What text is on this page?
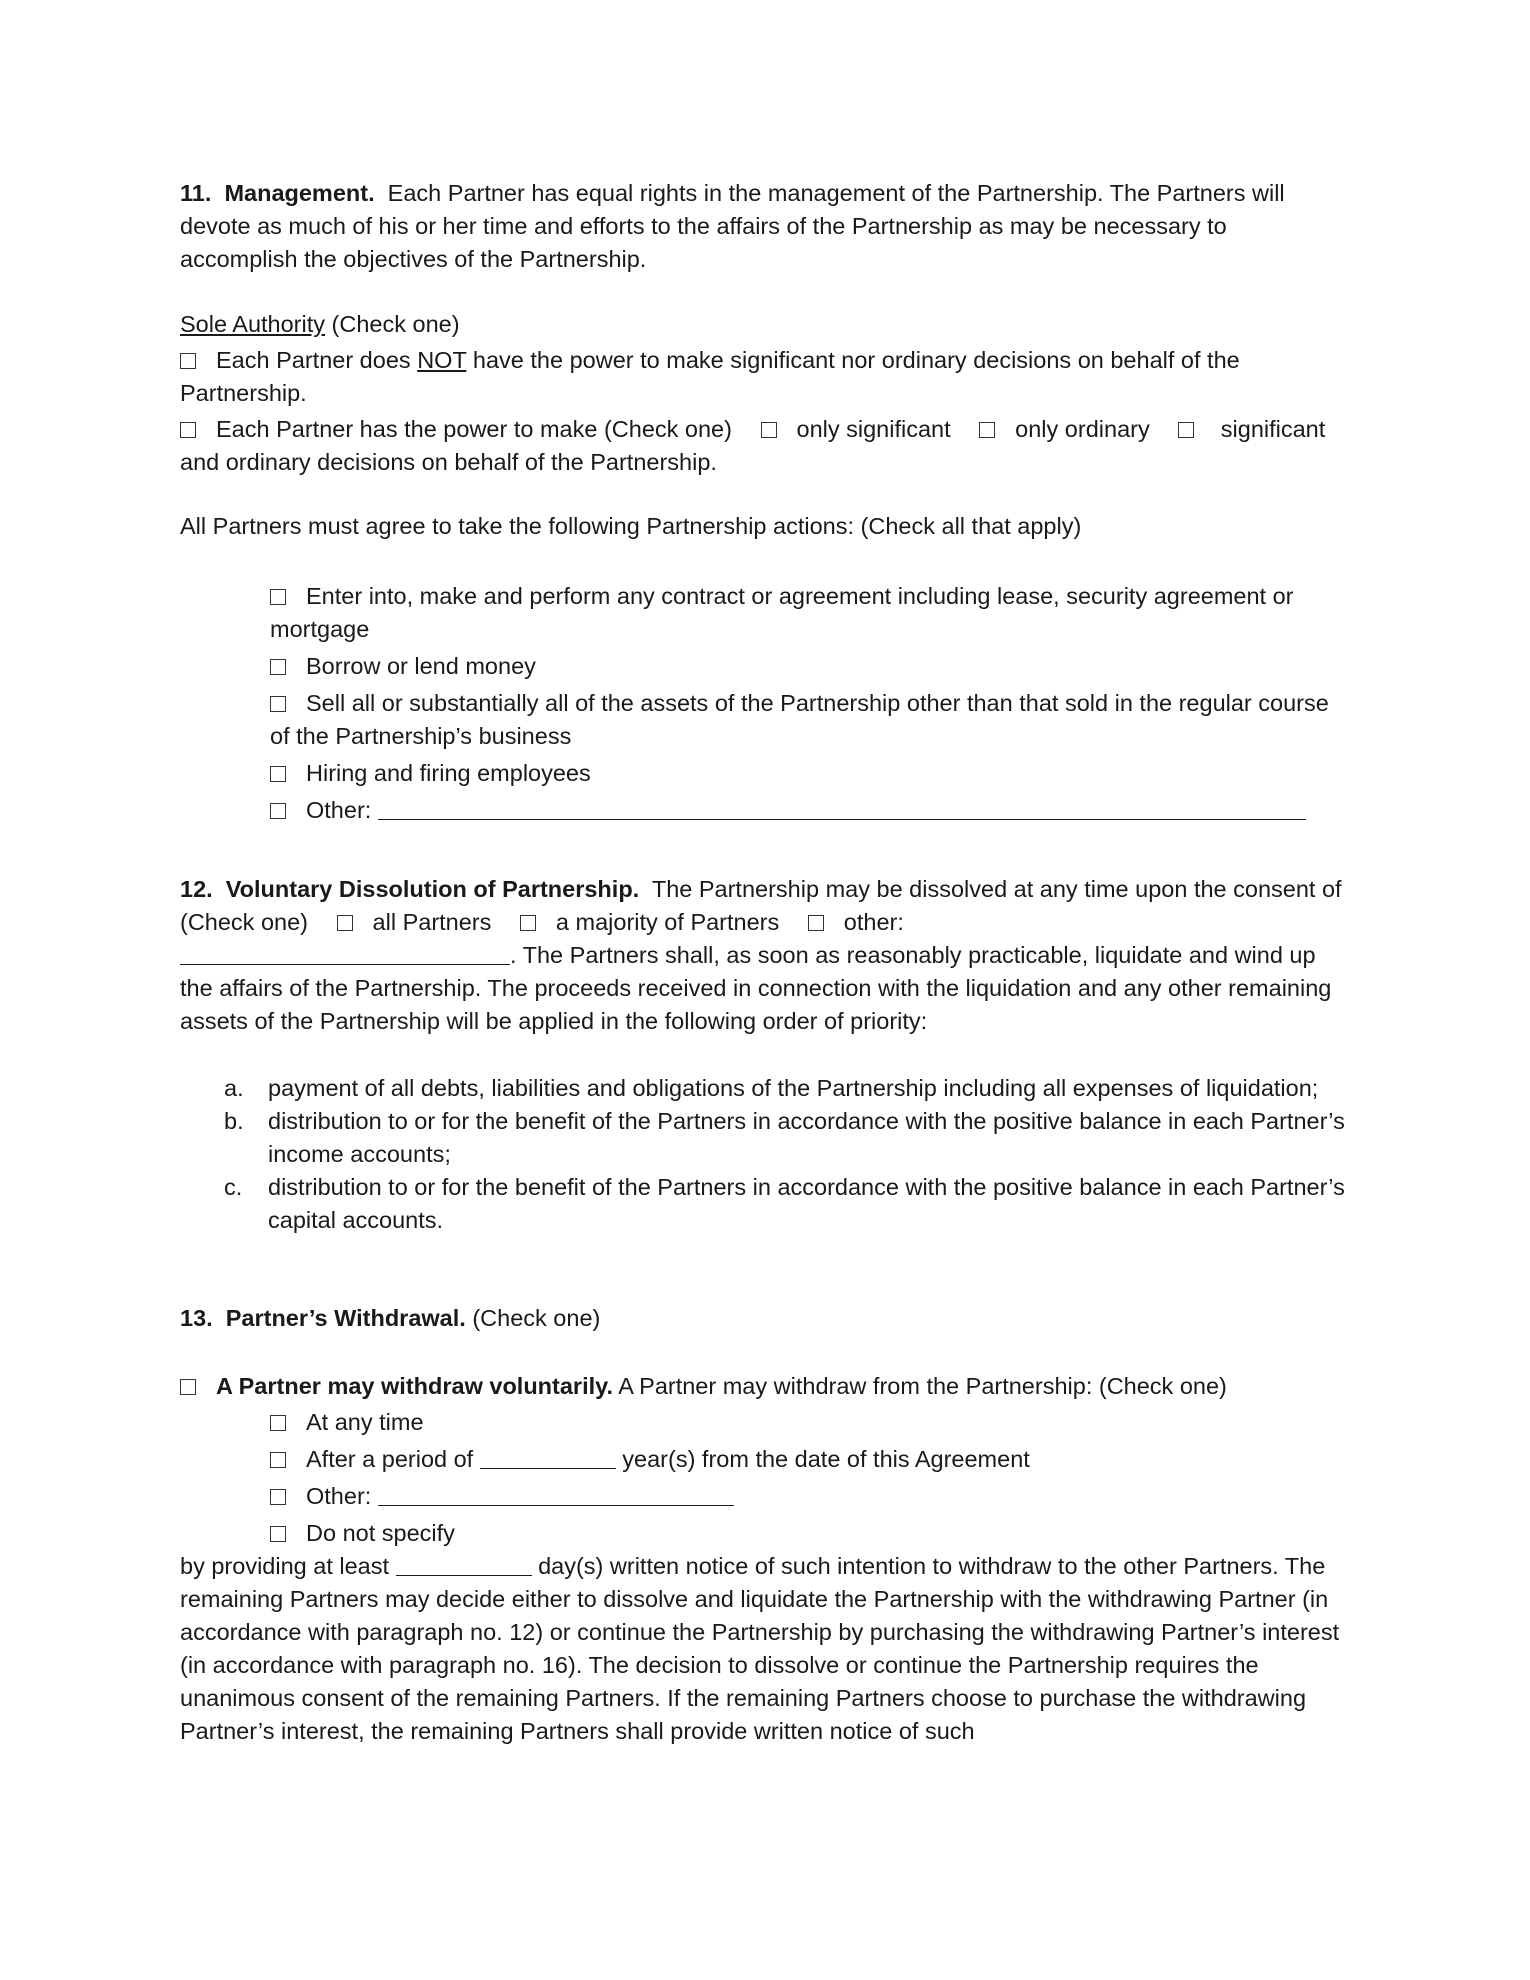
11. Management. Each Partner has equal rights in the management of the Partnership. The Partners will devote as much of his or her time and efforts to the affairs of the Partnership as may be necessary to accomplish the objectives of the Partnership.

Sole Authority (Check one)

Each Partner does NOT have the power to make significant nor ordinary decisions on behalf of the Partnership.

Each Partner has the power to make (Check one)	only significant	only ordinary	significant and ordinary decisions on behalf of the Partnership.

All Partners must agree to take the following Partnership actions: (Check all that apply)

Enter into, make and perform any contract or agreement including lease, security agreement or mortgage

Borrow or lend money

Sell all or substantially all of the assets of the Partnership other than that sold in the regular course of the Partnership’s business

Hiring and firing employees

Other:

12. Voluntary Dissolution of Partnership. The Partnership may be dissolved at any time upon the consent of (Check one)	all Partners	a majority of Partners	other:
. The Partners shall, as soon as reasonably practicable, liquidate and wind up the affairs of the Partnership. The proceeds received in connection with the liquidation and any other remaining assets of the Partnership will be applied in the following order of priority:

a. payment of all debts, liabilities and obligations of the Partnership including all expenses of liquidation;
b. distribution to or for the benefit of the Partners in accordance with the positive balance in each Partner’s income accounts;
c. distribution to or for the benefit of the Partners in accordance with the positive balance in each Partner’s capital accounts.

13. Partner’s Withdrawal. (Check one)

A Partner may withdraw voluntarily. A Partner may withdraw from the Partnership: (Check one)

At any time

After a period of	year(s) from the date of this Agreement

Other:

Do not specify

by providing at least	day(s) written notice of such intention to withdraw to the other Partners. The remaining Partners may decide either to dissolve and liquidate the Partnership with the withdrawing Partner (in accordance with paragraph no. 12) or continue the Partnership by purchasing the withdrawing Partner’s interest (in accordance with paragraph no. 16). The decision to dissolve or continue the Partnership requires the unanimous consent of the remaining Partners. If the remaining Partners choose to purchase the withdrawing Partner’s interest, the remaining Partners shall provide written notice of such
